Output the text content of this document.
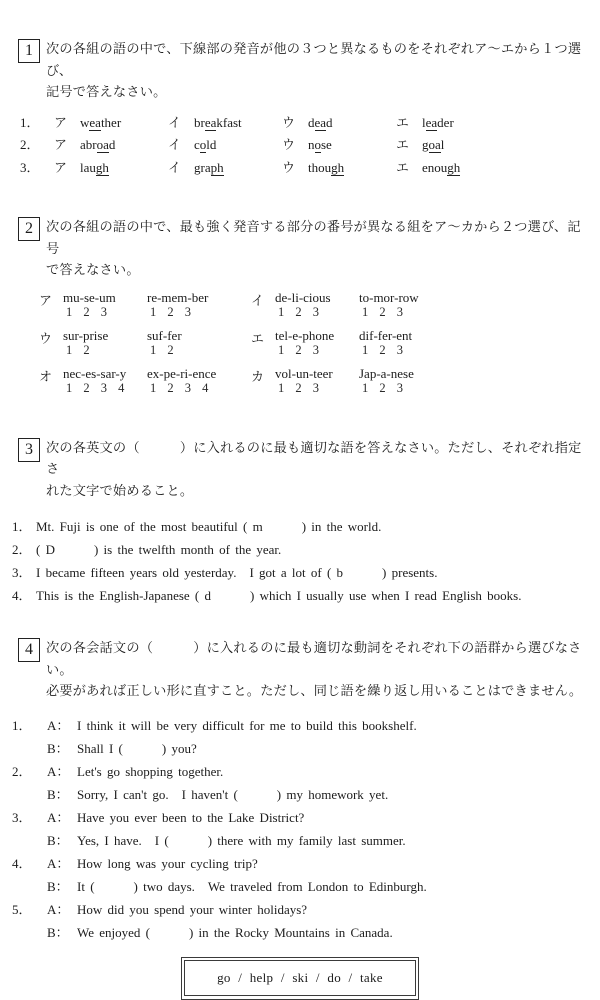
1 次の各組の語の中で、下線部の発音が他の３つと異なるものをそれぞれア～エから１つ選び、
記号で答えなさい。
1．	ア weather	イ breakfast	ウ dead	エ leader
2．	ア abroad	イ cold	ウ nose	エ goal
3．	ア laugh	イ graph	ウ though	エ enough
2 次の各組の語の中で、最も強く発音する部分の番号が異なる組をア～カから２つ選び、記号
で答えなさい。
ア mu-se-um
1 2 3
re-mem-ber
1 2 3
イ de-li-cious
1 2 3
to-mor-row
1 2 3
ウ sur-prise
1 2
suf-fer
1 2
エ tel-e-phone
1 2 3
dif-fer-ent
1 2 3
オ nec-es-sar-y
1 2 3 4
ex-pe-ri-ence
1 2 3 4
カ vol-un-teer
1 2 3
Jap-a-nese
1 2 3
3 次の各英文の（　　　）に入れるのに最も適切な語を答えなさい。ただし、それぞれ指定さ
れた文字で始めること。
1． Mt. Fuji is one of the most beautiful ( m　　　) in the world.
2． ( D　　　) is the twelfth month of the year.
3． I became fifteen years old yesterday.　I got a lot of ( b　　　) presents.
4． This is the English-Japanese ( d　　　) which I usually use when I read English books.
4 次の各会話文の（　　　）に入れるのに最も適切な動詞をそれぞれ下の語群から選びなさい。
必要があれば正しい形に直すこと。ただし、同じ語を繰り返し用いることはできません。
1．	A： I think it will be very difficult for me to build this bookshelf.
B： Shall I (　　　) you?
2．	A： Let's go shopping together.
B： Sorry, I can't go.　I haven't (　　　) my homework yet.
3．	A： Have you ever been to the Lake District?
B： Yes, I have.　I (　　　) there with my family last summer.
4．	A： How long was your cycling trip?
B： It (　　　) two days.　We traveled from London to Edinburgh.
5．	A： How did you spend your winter holidays?
B： We enjoyed (　　　) in the Rocky Mountains in Canada.
go / help / ski / do / take
